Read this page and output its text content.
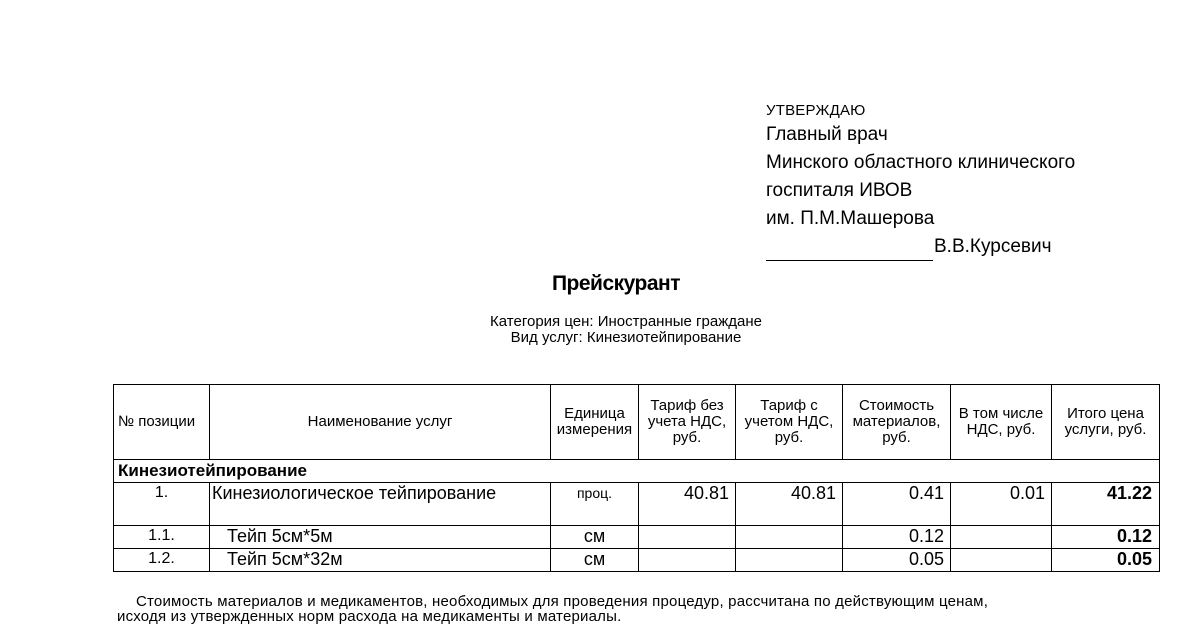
УТВЕРЖДАЮ
Главный врач
Минского областного клинического
госпиталя ИВОВ
им. П.М.Машерова
В.В.Курсевич
Прейскурант
Категория цен: Иностранные граждане
Вид услуг: Кинезиотейпирование
№ позиции	Наименование услуг	Единица измерения	Тариф без учета НДС, руб.	Тариф с учетом НДС, руб.	Стоимость материалов, руб.	В том числе НДС, руб.	Итого цена услуги, руб.
Кинезиотейпирование							
1.	Кинезиологическое тейпирование	проц.	40.81	40.81	0.41	0.01	41.22
1.1.	Тейп 5см*5м	см			0.12		0.12
1.2.	Тейп 5см*32м	см			0.05		0.05
Стоимость материалов и медикаментов, необходимых для проведения процедур, рассчитана по действующим ценам,
исходя из утвержденных норм расхода на медикаменты и материалы.
